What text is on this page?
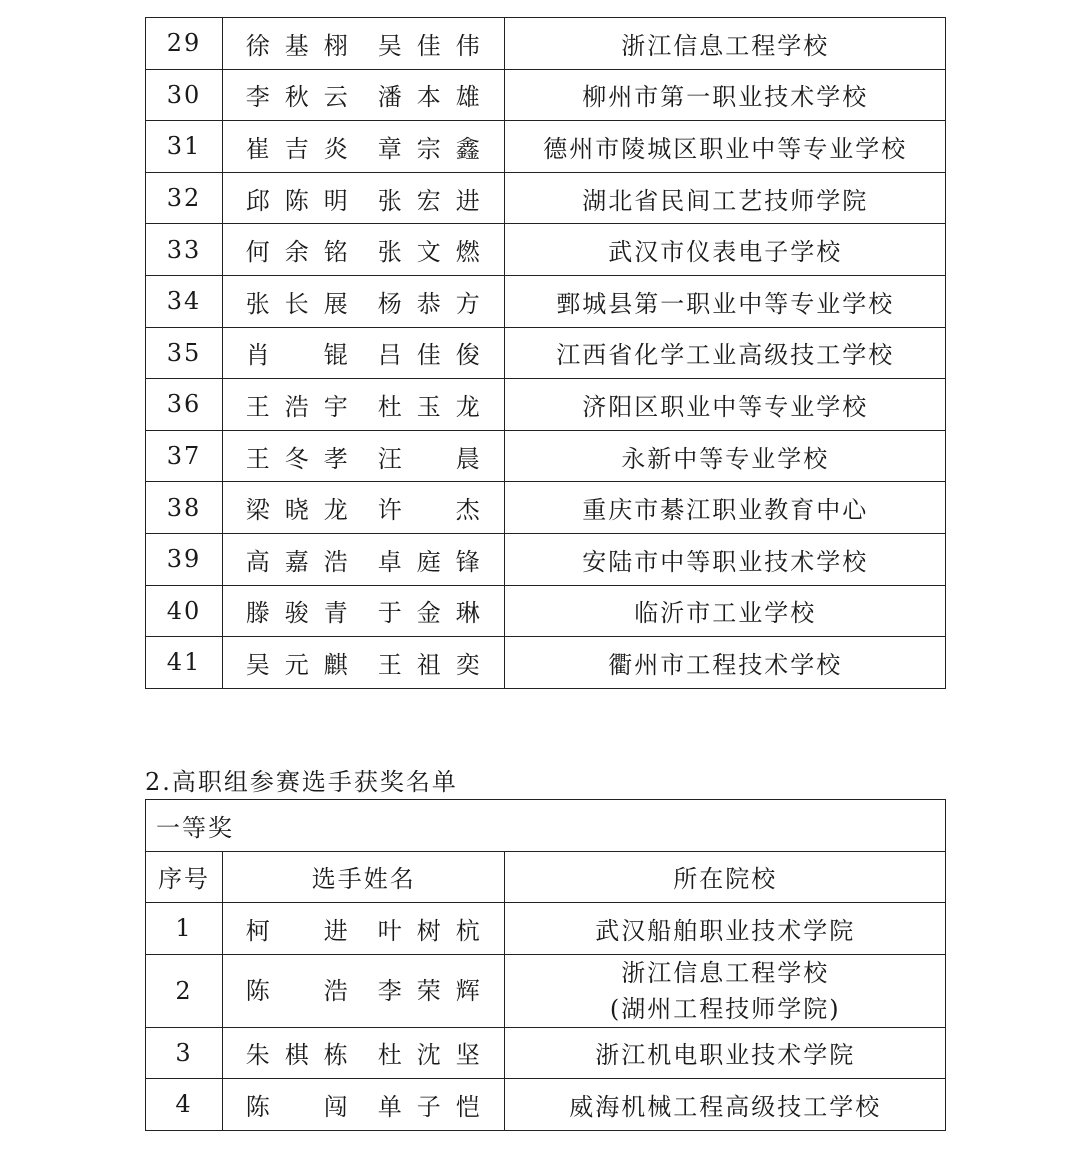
29	徐基栩 吴佳伟	浙江信息工程学校

30	李秋云 潘本雄	柳州市第一职业技术学校

31	崔吉炎 章宗鑫	德州市陵城区职业中等专业学校

32	邱陈明 张宏进	湖北省民间工艺技师学院

33	何余铭 张文燃	武汉市仪表电子学校

34	张长展 杨恭方	鄄城县第一职业中等专业学校

35	肖锟 吕佳俊	江西省化学工业高级技工学校

36	王浩宇 杜玉龙	济阳区职业中等专业学校

37	王冬孝 汪晨	永新中等专业学校

38	梁晓龙 许杰	重庆市綦江职业教育中心

39	高嘉浩 卓庭锋	安陆市中等职业技术学校

40	滕骏青 于金琳	临沂市工业学校

41	吴元麒 王祖奕	衢州市工程技术学校
2.高职组参赛选手获奖名单
一等奖		
序号	选手姓名	所在院校
1	柯进 叶树杭	武汉船舶职业技术学院

2	陈浩 李荣辉	浙江信息工程学校
(湖州工程技师学院)

3	朱棋栋 杜沈坚	浙江机电职业技术学院

4	陈闯 单子恺	威海机械工程高级技工学校
